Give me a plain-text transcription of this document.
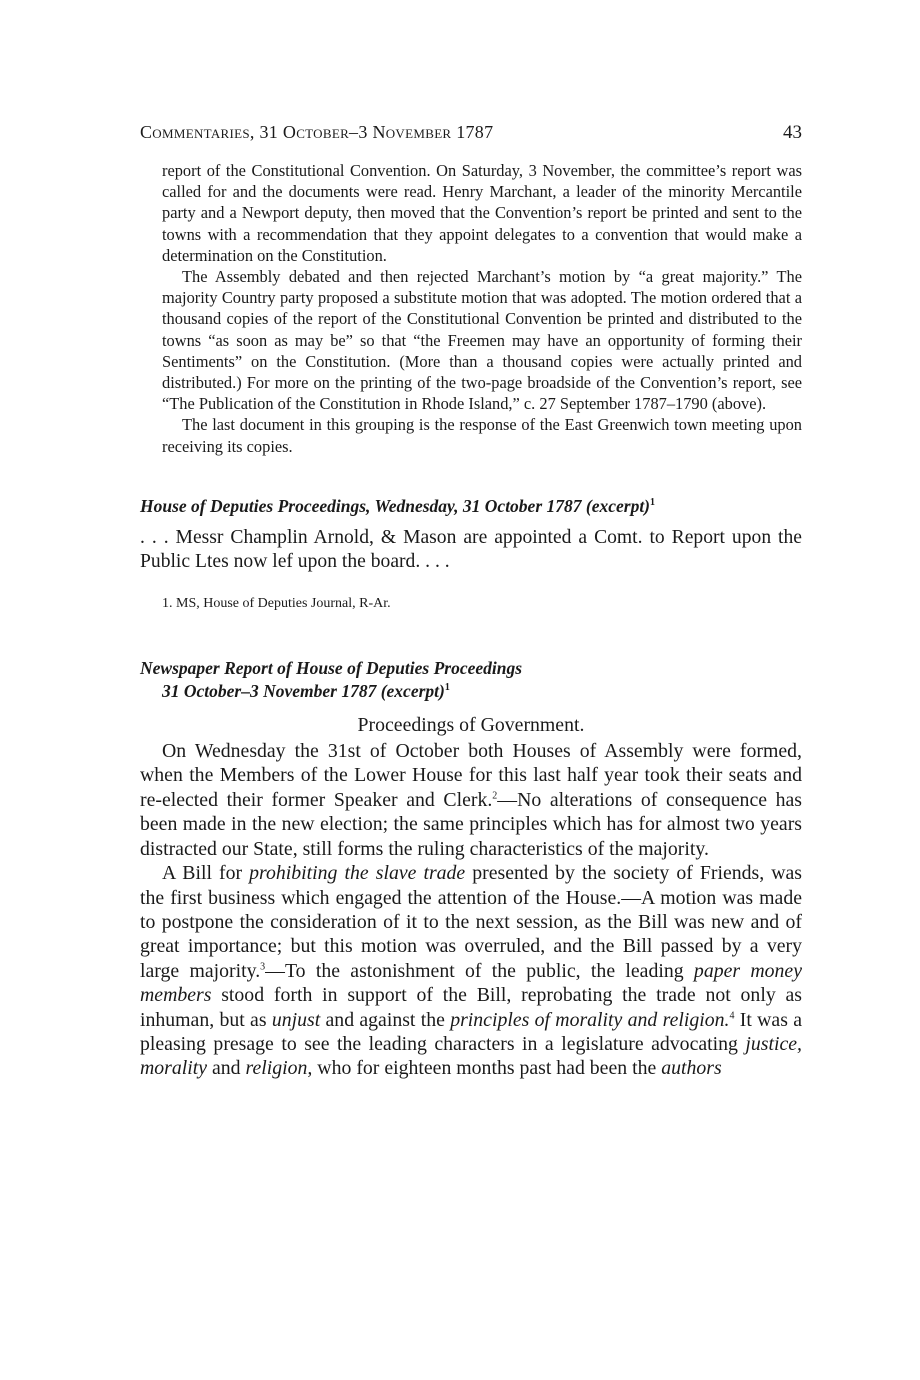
Commentaries, 31 October–3 November 1787	43

report of the Constitutional Convention. On Saturday, 3 November, the committee’s report was called for and the documents were read. Henry Marchant, a leader of the minority Mercantile party and a Newport deputy, then moved that the Convention’s report be printed and sent to the towns with a recommendation that they appoint delegates to a convention that would make a determination on the Constitution.

The Assembly debated and then rejected Marchant’s motion by “a great majority.” The majority Country party proposed a substitute motion that was adopted. The motion ordered that a thousand copies of the report of the Constitutional Convention be printed and distributed to the towns “as soon as may be” so that “the Freemen may have an opportunity of forming their Sentiments” on the Constitution. (More than a thousand copies were actually printed and distributed.) For more on the printing of the two-page broadside of the Convention’s report, see “The Publication of the Constitution in Rhode Island,” c. 27 September 1787–1790 (above).

The last document in this grouping is the response of the East Greenwich town meeting upon receiving its copies.

House of Deputies Proceedings, Wednesday, 31 October 1787 (excerpt)$^1$

. . . Messr Champlin Arnold, & Mason are appointed a Comt. to Report upon the Public Ltes now lef upon the board. . . .

1. MS, House of Deputies Journal, R-Ar.
Newspaper Report of House of Deputies Proceedings
31 October–3 November 1787 (excerpt)$^1$
Proceedings of Government.

On Wednesday the 31st of October both Houses of Assembly were formed, when the Members of the Lower House for this last half year took their seats and re-elected their former Speaker and Clerk.$^2$—No alterations of consequence has been made in the new election; the same principles which has for almost two years distracted our State, still forms the ruling characteristics of the majority.

A Bill for prohibiting the slave trade presented by the society of Friends, was the first business which engaged the attention of the House.—A motion was made to postpone the consideration of it to the next session, as the Bill was new and of great importance; but this motion was overruled, and the Bill passed by a very large majority.$^3$—To the astonishment of the public, the leading paper money members stood forth in support of the Bill, reprobating the trade not only as inhuman, but as unjust and against the principles of morality and religion.$^4$ It was a pleasing presage to see the leading characters in a legislature advocating justice, morality and religion, who for eighteen months past had been the authors
